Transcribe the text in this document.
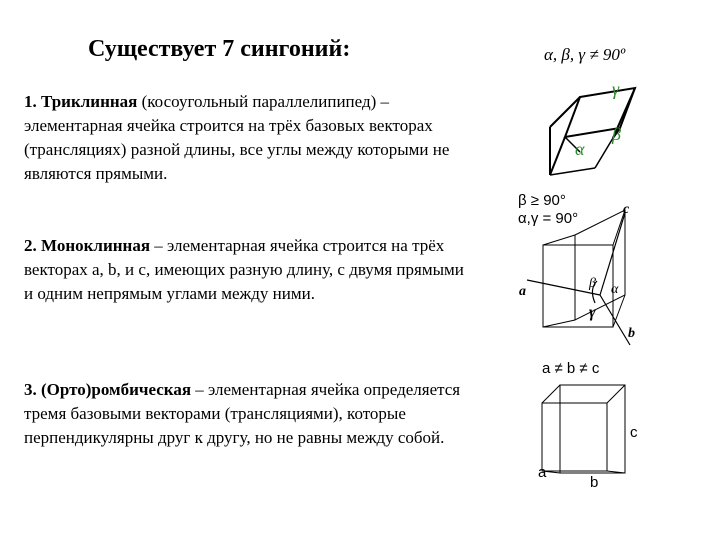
Существует 7 сингоний:

1. Триклинная (косоугольный параллелипипед) – элементарная ячейка строится на трёх базовых векторах (трансляциях) разной длины, все углы между которыми не являются прямыми.

2. Моноклинная – элементарная ячейка строится на трёх векторах a, b, и с, имеющих разную длину, с двумя прямыми и одним непрямым углами между ними.

3. (Орто)ромбическая – элементарная ячейка определяется тремя базовыми векторами (трансляциями), которые перпендикулярны друг к другу, но не равны между собой.

α, β, γ ≠ 90º
γ
β
α
β ≥ 90°
α,γ = 90°
a
c
b
β α
γ
a ≠ b ≠ c
c
a
b
